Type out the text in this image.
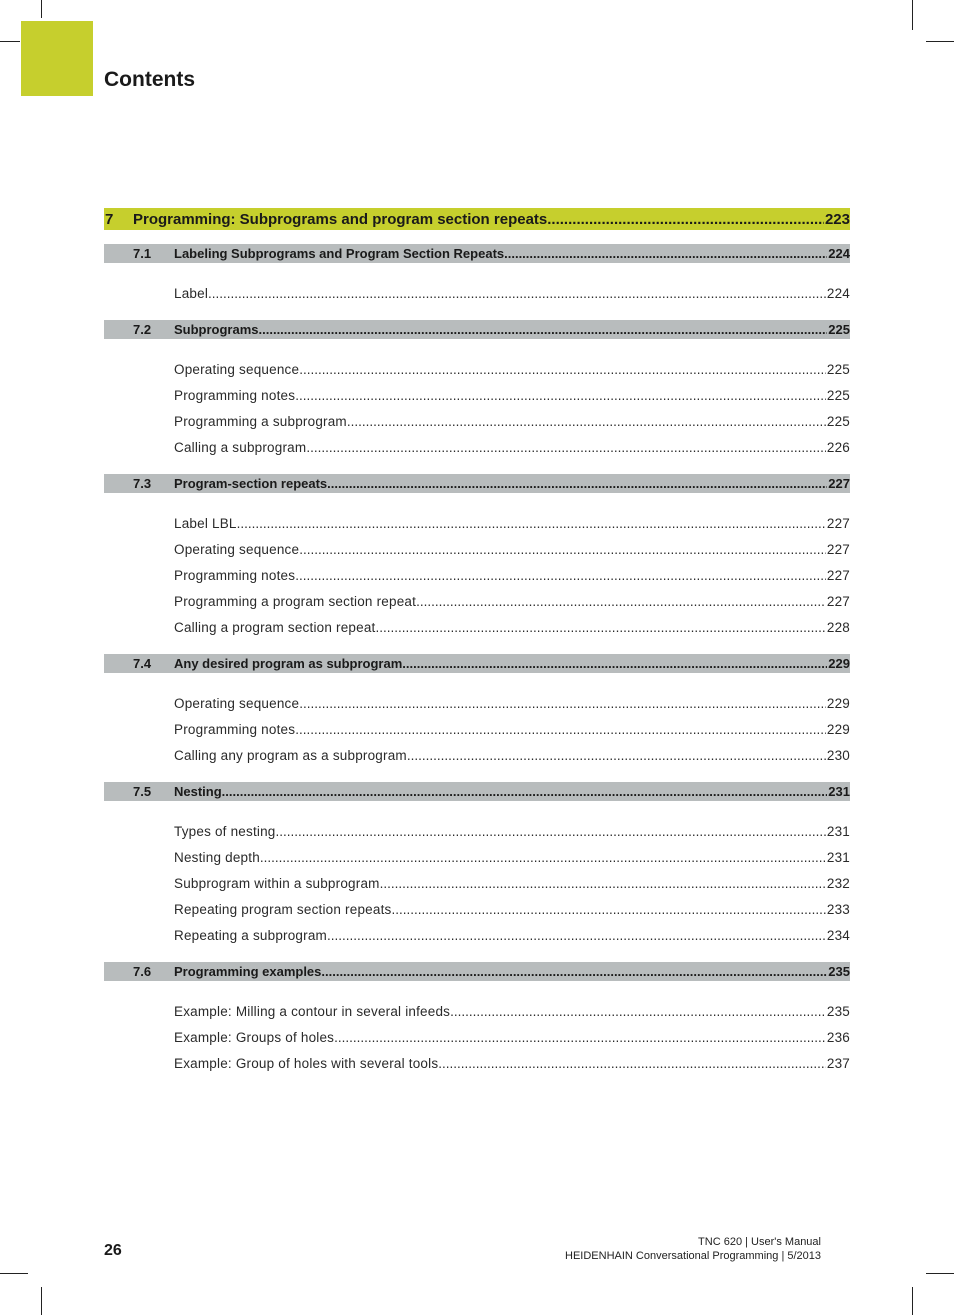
Contents
7	Programming: Subprograms and program section repeats .....	223
7.1	Labeling Subprograms and Program Section Repeats .....	224
Label .....	224
7.2	Subprograms .....	225
Operating sequence .....	225
Programming notes .....	225
Programming a subprogram .....	225
Calling a subprogram .....	226
7.3	Program-section repeats .....	227
Label LBL .....	227
Operating sequence .....	227
Programming notes .....	227
Programming a program section repeat .....	227
Calling a program section repeat .....	228
7.4	Any desired program as subprogram .....	229
Operating sequence .....	229
Programming notes .....	229
Calling any program as a subprogram .....	230
7.5	Nesting .....	231
Types of nesting .....	231
Nesting depth .....	231
Subprogram within a subprogram .....	232
Repeating program section repeats .....	233
Repeating a subprogram .....	234
7.6	Programming examples .....	235
Example: Milling a contour in several infeeds .....	235
Example: Groups of holes .....	236
Example: Group of holes with several tools .....	237
26	TNC 620 | User's Manual
HEIDENHAIN Conversational Programming | 5/2013
